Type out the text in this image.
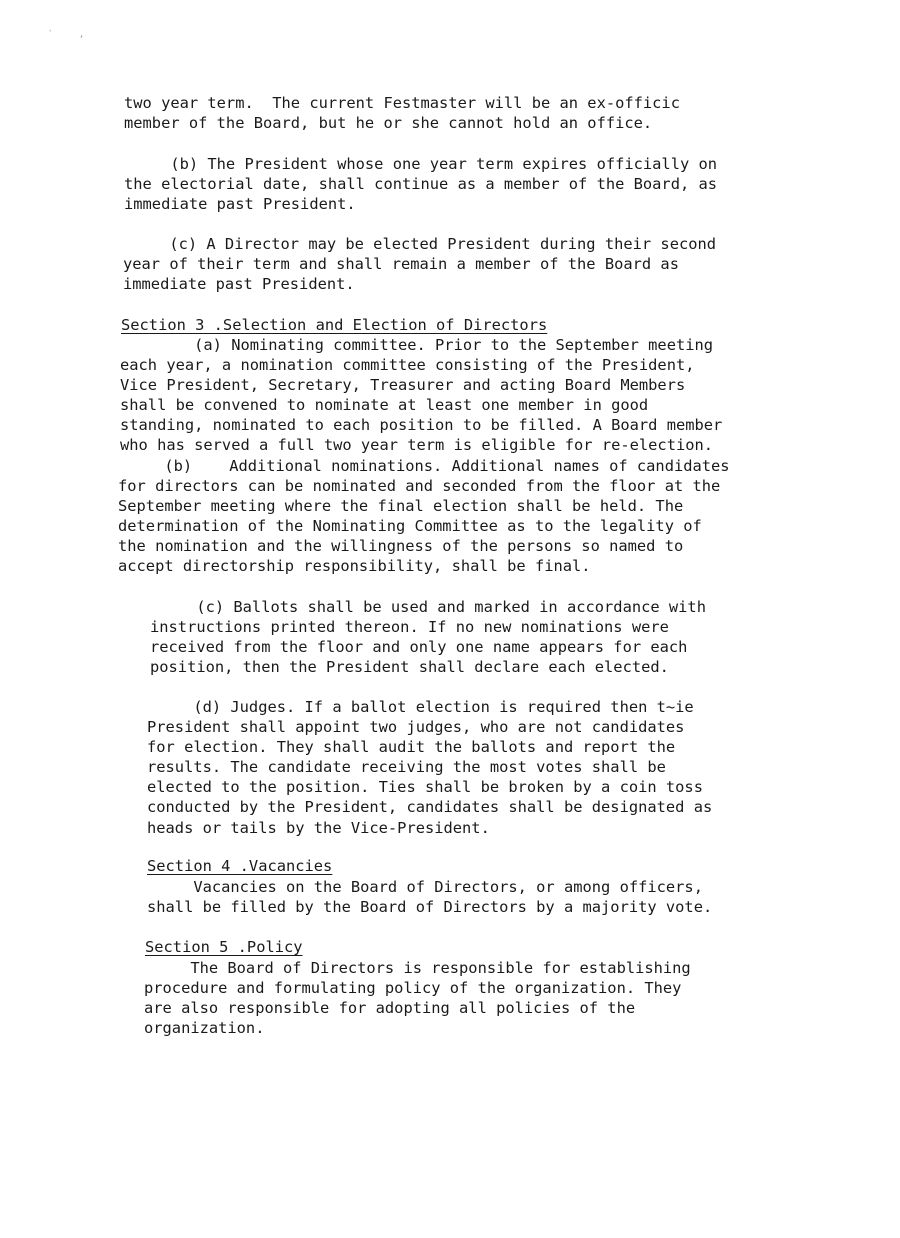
` ,

two year term.  The current Festmaster will be an ex-officic
member of the Board, but he or she cannot hold an office.

(b) The President whose one year term expires officially on
the electorial date, shall continue as a member of the Board, as
immediate past President.

(c) A Director may be elected President during their second
year of their term and shall remain a member of the Board as
immediate past President.

Section 3 .Selection and Election of Directors

(a) Nominating committee. Prior to the September meeting
each year, a nomination committee consisting of the President,
Vice President, Secretary, Treasurer and acting Board Members
shall be convened to nominate at least one member in good
standing, nominated to each position to be filled. A Board member
who has served a full two year term is eligible for re-election.

(b)    Additional nominations. Additional names of candidates
for directors can be nominated and seconded from the floor at the
September meeting where the final election shall be held. The
determination of the Nominating Committee as to the legality of
the nomination and the willingness of the persons so named to
accept directorship responsibility, shall be final.

(c) Ballots shall be used and marked in accordance with
instructions printed thereon. If no new nominations were
received from the floor and only one name appears for each
position, then the President shall declare each elected.

(d) Judges. If a ballot election is required then t~ie
President shall appoint two judges, who are not candidates
for election. They shall audit the ballots and report the
results. The candidate receiving the most votes shall be
elected to the position. Ties shall be broken by a coin toss
conducted by the President, candidates shall be designated as
heads or tails by the Vice-President.

Section 4 .Vacancies

Vacancies on the Board of Directors, or among officers,
shall be filled by the Board of Directors by a majority vote.

Section 5 .Policy

The Board of Directors is responsible for establishing
procedure and formulating policy of the organization. They
are also responsible for adopting all policies of the
organization.
